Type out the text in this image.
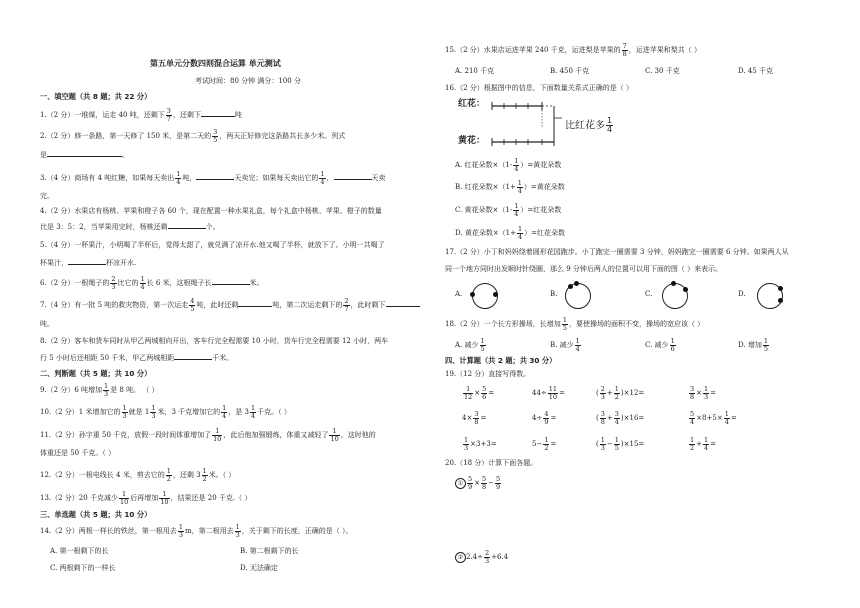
第五单元分数四则混合运算 单元测试
考试时间：80 分钟 满分：100 分
一、填空题（共 8 题；共 22 分）
1.（2 分）一堆煤，运走 40 吨，还剩下 $\frac{3}{7}$ ，还剩下	吨
2.（2 分）修一条路，第一天修了 150 米，是第二天的 $\frac{3}{5}$ ，两天正好修完这条路共长多少米。列式
是	。
3.（4 分）商场有 4 吨红糖，如果每天卖出 $\frac{1}{4}$ 吨，	天卖完；如果每天卖出它的 $\frac{1}{4}$ ，	天卖
完。
4.（2 分）水果店有杨桃、苹果和橙子各 60 个，现在配置一种水果礼盒，每个礼盒中杨桃、苹果、橙子的数量
比是 3：5：2，当苹果用完时，杨桃还剩	个。
5.（4 分）一杯果汁，小明喝了半杯后，觉得太甜了，就兑满了凉开水.他又喝了半杯，就放下了。小明一共喝了
杯果汁，	杯凉开水.
6.（2 分）一根绳子的 $\frac{2}{3}$ 比它的 $\frac{1}{4}$ 长 6 米，这根绳子长	米。
7.（4 分）有一批 5 吨的救灾物资，第一次运走 $\frac{4}{5}$ 吨，此时还剩	吨，第二次运走剩下的 $\frac{2}{7}$ ，此时剩下
吨。
8.（2 分）客车和货车同时从甲乙两城相向开出，客车行完全程需要 10 小时，货车行完全程需要 12 小时，两车
行 5 小时后还相距 50 千米，甲乙两城相距	千米。
二、判断题（共 5 题；共 10 分）
9.（2 分）6 吨增加 $\frac{1}{3}$ 是 8 吨。 （ ）
10.（2 分）1 米增加它的 $\frac{1}{3}$ 就是 $1 \frac{1}{3}$ 米，3 千克增加它的 $\frac{1}{4}$ ，是 $3 \frac{1}{4}$ 千克。（ ）
11.（2 分）孙宇重 50 千克，放假一段时间体重增加了 $\frac{1}{10}$ ，此后他加强锻炼，体重又减轻了 $\frac{1}{10}$ ，这时他的
体重还是 50 千克。（ ）
12.（2 分）一根电线长 4 米，剪去它的 $\frac{1}{2}$ ，还剩 $3 \frac{1}{2}$ 米。（ ）
13.（2 分）20 千克减少 $\frac{1}{10}$ 后再增加 $\frac{1}{10}$ ，结果还是 20 千克.（ ）
三、单选题（共 5 题；共 10 分）
14.（2 分）两根一样长的铁丝，第一根用去 $\frac{1}{3}$ m，第二根用去 $\frac{1}{3}$ ，关于剩下的长度，正确的是（ ）。
A. 第一根剩下的长	B. 第二根剩下的长
C. 两根剩下的一样长	D. 无法确定
15.（2 分）水果店运进苹果 240 千克，运进梨是苹果的 $\frac{7}{8}$ ，运进苹果和梨共（ ）
A. 210 千克	B. 450 千克	C. 30 千克	D. 45 千克
16.（2 分）根据图中的信息，下面数量关系式正确的是（ ）
红花：
黄花：
比红花多 $\frac{1}{4}$
A. 红花朵数$\times(1- \frac{1}{4}$ ）=黄花朵数
B. 红花朵数$\times(1+ \frac{1}{4}$ ）=黄花朵数
C. 黄花朵数$\times(1- \frac{1}{4}$ ）=红花朵数
D. 黄花朵数$\times(1+ \frac{1}{4}$ ）=红花朵数
17.（2 分）小丁和妈妈绕着圆形花园跑步。小丁跑完一圈需要 3 分钟，妈妈跑完一圈需要 6 分钟。如果两人从
同一个地方同时出发顺时针绕圈，那么 9 分钟后两人的位置可以用下面的图（ ）来表示。
A.	B.	C.	D.
18.（2 分）一个长方形操场，长增加 $\frac{1}{5}$ ，要使操场的面积不变，操场的宽应该（ ）
A. 减少 $\frac{1}{5}$	B. 减少 $\frac{1}{4}$	C. 减少 $\frac{1}{6}$	D. 增加 $\frac{1}{5}$
四、计算题（共 2 题；共 30 分）
19.（12 分）直接写得数。
$\frac{1}{12} \times \frac{5}{6}$ =	$44\div \frac{11}{10}$ =	( $\frac{2}{3} + \frac{1}{2} )\times 12=$	$\frac{3}{8} \times \frac{1}{3}$ =
$4\times \frac{3}{8}$ =	$4\div \frac{4}{9}$ =	( $\frac{3}{8} + \frac{3}{4} )\times 16=$	$\frac{5}{4} \times 8+5\times \frac{1}{4}$ =
$\frac{1}{3} \times 3+3=$	$5- \frac{1}{2}$ =	( $\frac{1}{3} - \frac{1}{5} )\times 15=$	$\frac{1}{2} + \frac{1}{4}$ =
20.（18 分）计算下面各题。
① $\frac{5}{9} \times \frac{5}{8} - \frac{5}{9}$
② $2.4\div \frac{2}{3} +6.4$
